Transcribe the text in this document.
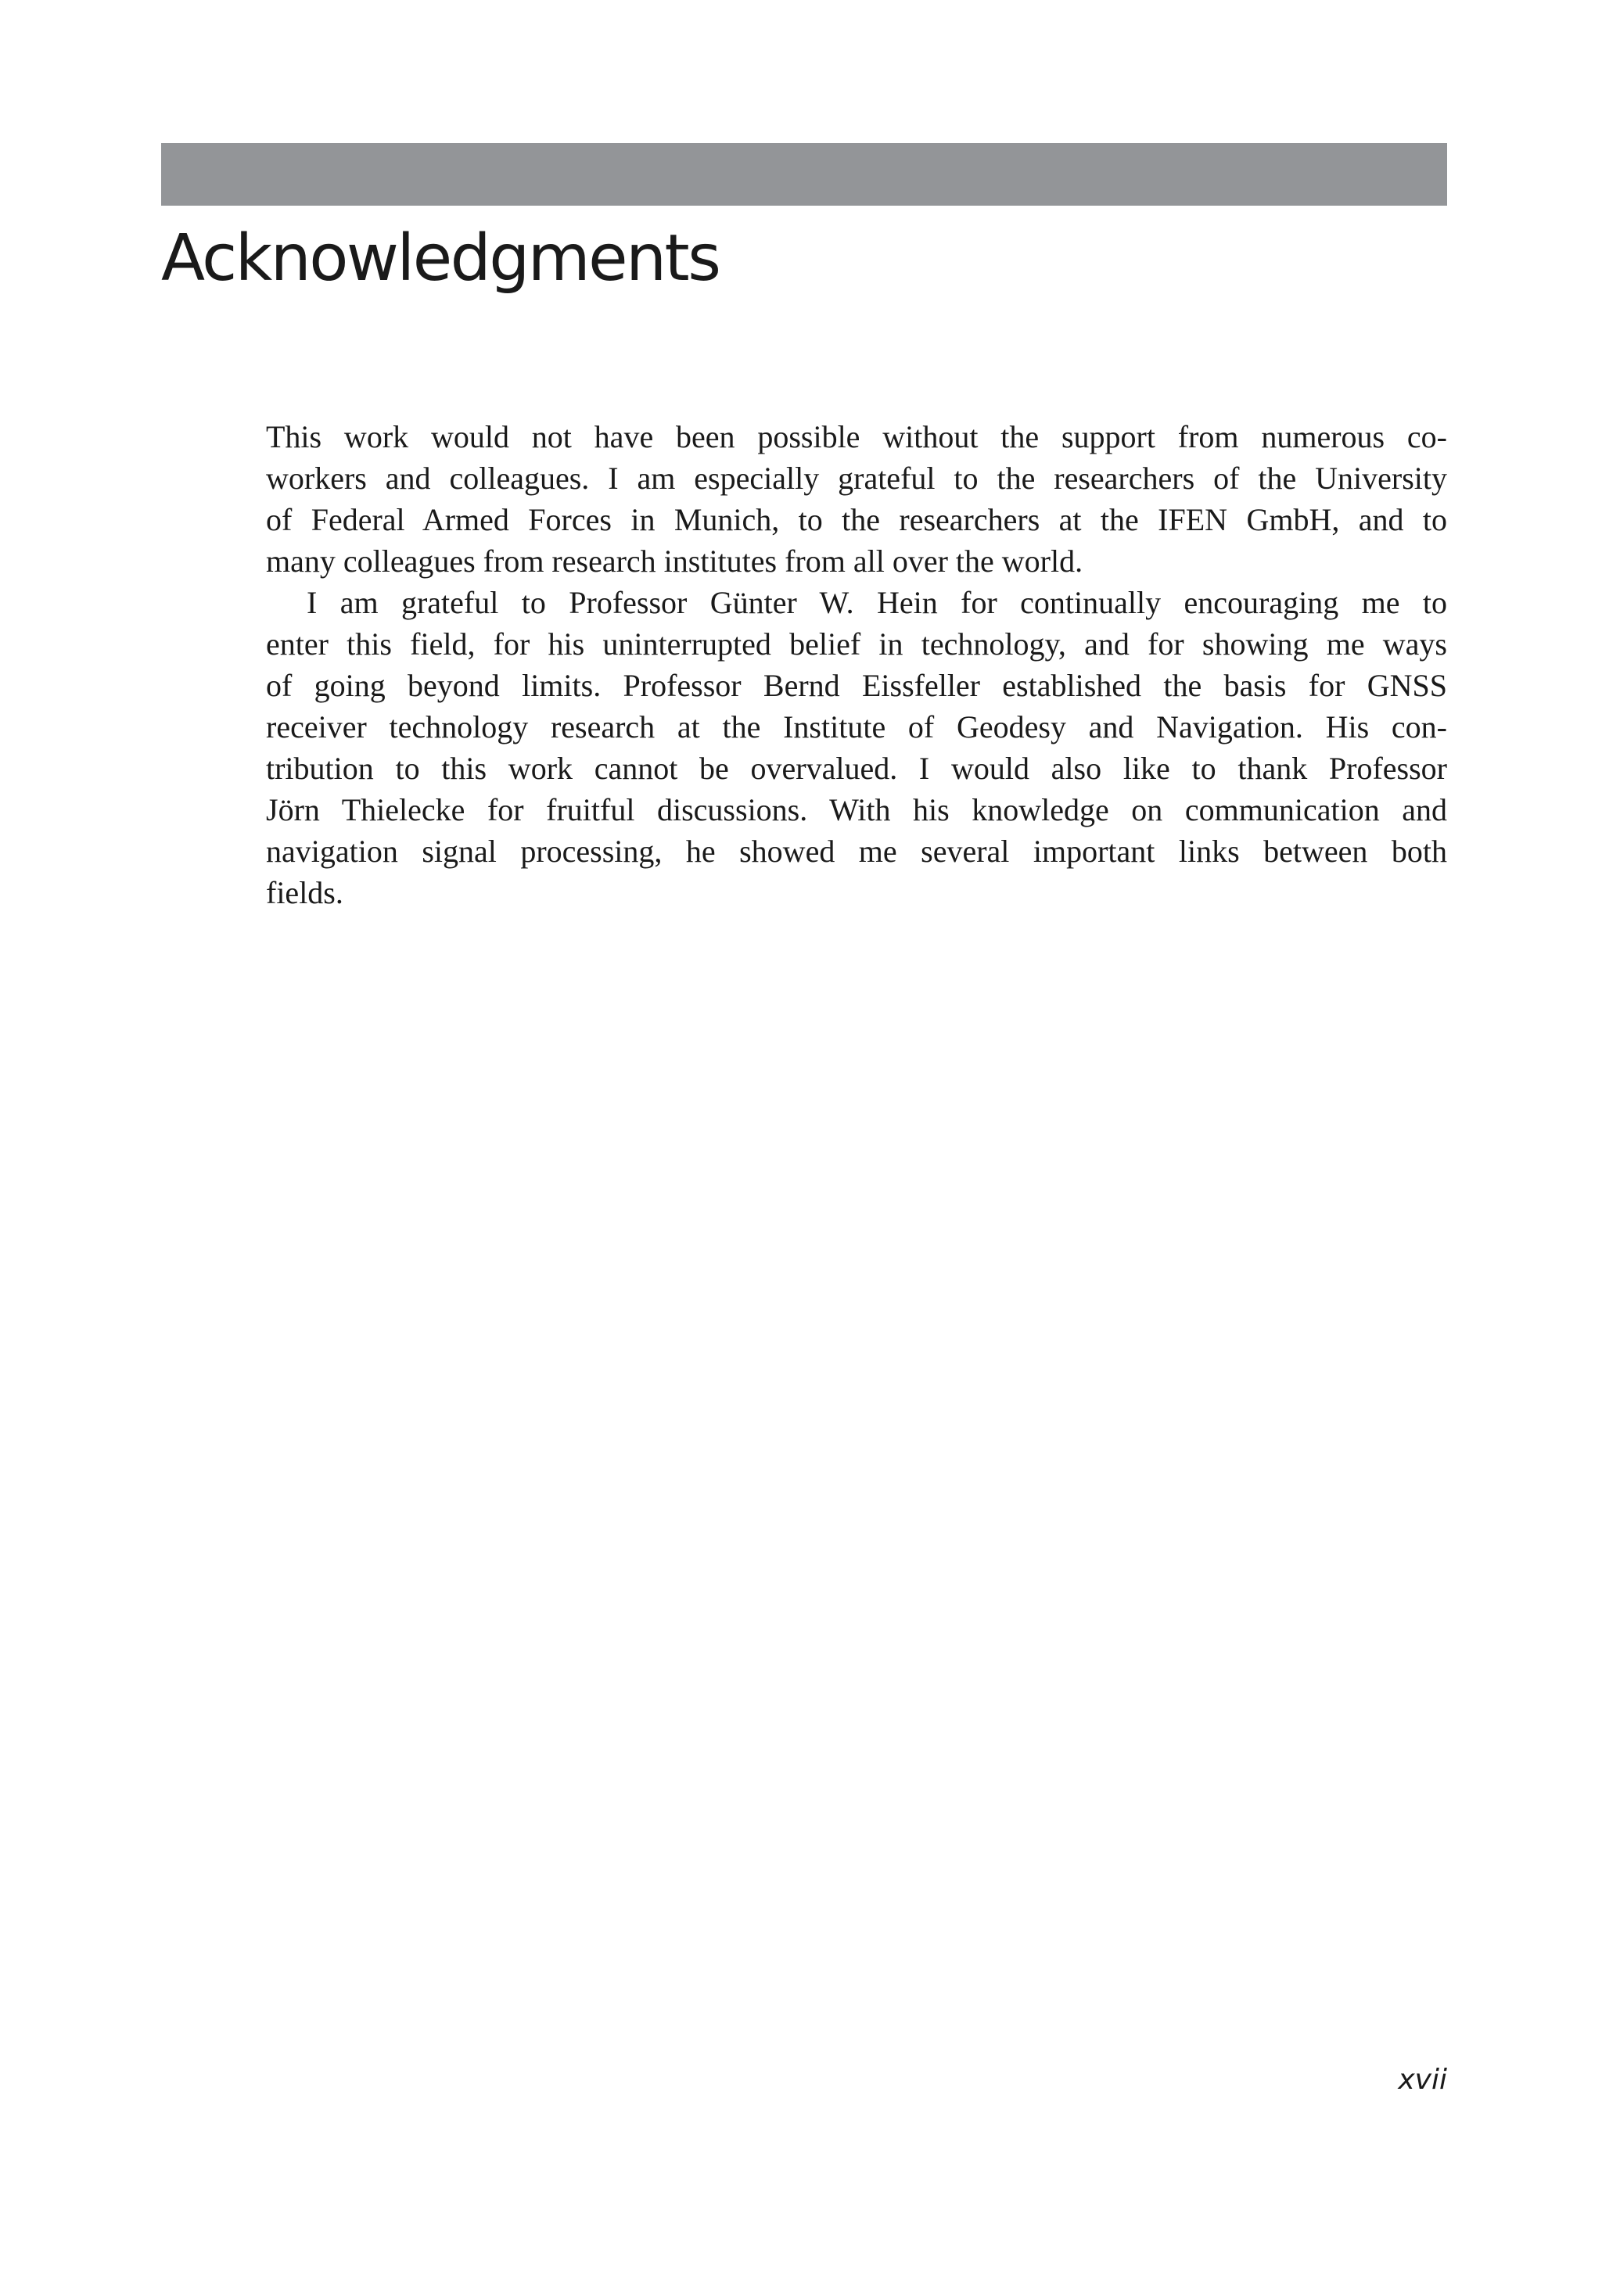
Acknowledgments
This work would not have been possible without the support from numerous co-
workers and colleagues. I am especially grateful to the researchers of the University
of Federal Armed Forces in Munich, to the researchers at the IFEN GmbH, and to
many colleagues from research institutes from all over the world.
I am grateful to Professor Günter W. Hein for continually encouraging me to
enter this field, for his uninterrupted belief in technology, and for showing me ways
of going beyond limits. Professor Bernd Eissfeller established the basis for GNSS
receiver technology research at the Institute of Geodesy and Navigation. His con-
tribution to this work cannot be overvalued. I would also like to thank Professor
Jörn Thielecke for fruitful discussions. With his knowledge on communication and
navigation signal processing, he showed me several important links between both
fields.
xvii
